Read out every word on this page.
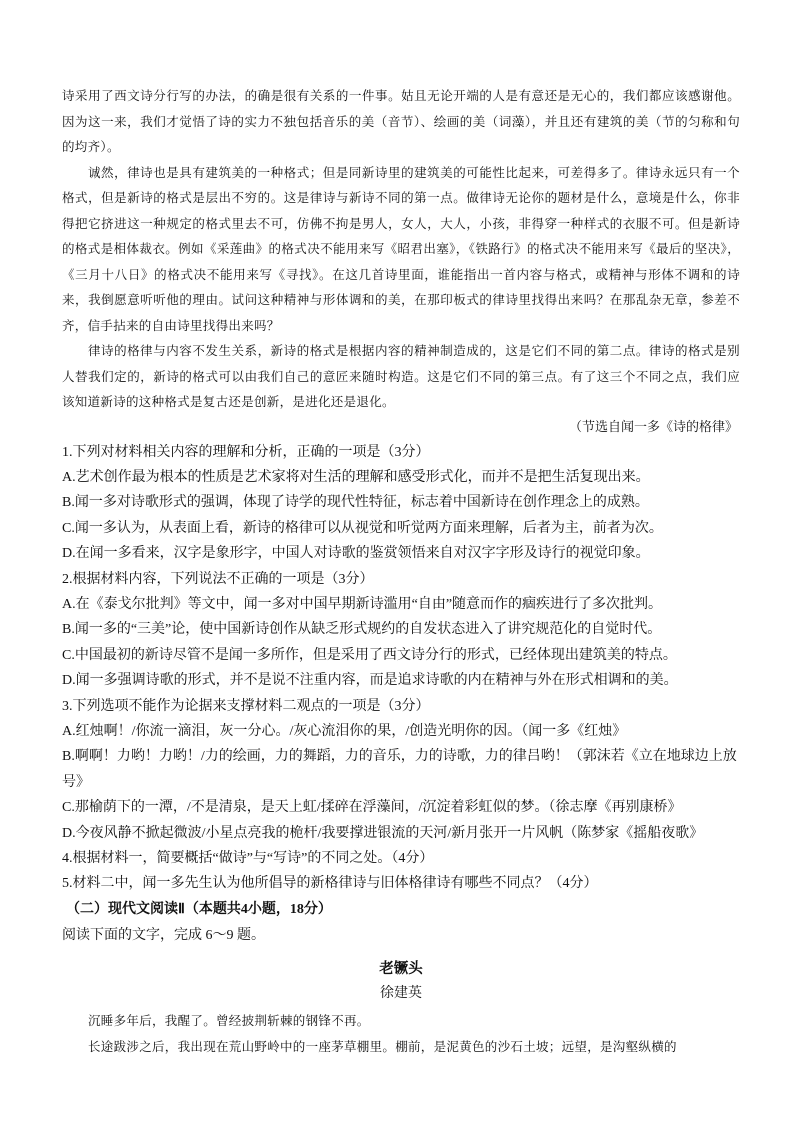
诗采用了西文诗分行写的办法，的确是很有关系的一件事。姑且无论开端的人是有意还是无心的，我们都应该感谢他。因为这一来，我们才觉悟了诗的实力不独包括音乐的美（音节）、绘画的美（词藻），并且还有建筑的美（节的匀称和句的均齐）。

诚然，律诗也是具有建筑美的一种格式；但是同新诗里的建筑美的可能性比起来，可差得多了。律诗永远只有一个格式，但是新诗的格式是层出不穷的。这是律诗与新诗不同的第一点。做律诗无论你的题材是什么，意境是什么，你非得把它挤进这一种规定的格式里去不可，仿佛不拘是男人，女人，大人，小孩，非得穿一种样式的衣服不可。但是新诗的格式是相体裁衣。例如《采莲曲》的格式决不能用来写《昭君出塞》，《铁路行》的格式决不能用来写《最后的坚决》，《三月十八日》的格式决不能用来写《寻找》。在这几首诗里面，谁能指出一首内容与格式，或精神与形体不调和的诗来，我倒愿意听听他的理由。试问这种精神与形体调和的美，在那印板式的律诗里找得出来吗？在那乱杂无章，参差不齐，信手拈来的自由诗里找得出来吗？

律诗的格律与内容不发生关系，新诗的格式是根据内容的精神制造成的，这是它们不同的第二点。律诗的格式是别人替我们定的，新诗的格式可以由我们自己的意匠来随时构造。这是它们不同的第三点。有了这三个不同之点，我们应该知道新诗的这种格式是复古还是创新，是进化还是退化。

（节选自闻一多《诗的格律》

1.下列对材料相关内容的理解和分析，正确的一项是（3分）

A.艺术创作最为根本的性质是艺术家将对生活的理解和感受形式化，而并不是把生活复现出来。

B.闻一多对诗歌形式的强调，体现了诗学的现代性特征，标志着中国新诗在创作理念上的成熟。

C.闻一多认为，从表面上看，新诗的格律可以从视觉和听觉两方面来理解，后者为主，前者为次。

D.在闻一多看来，汉字是象形字，中国人对诗歌的鉴赏领悟来自对汉字字形及诗行的视觉印象。

2.根据材料内容，下列说法不正确的一项是（3分）

A.在《泰戈尔批判》等文中，闻一多对中国早期新诗滥用“自由”随意而作的痼疾进行了多次批判。

B.闻一多的“三美”论，使中国新诗创作从缺乏形式规约的自发状态进入了讲究规范化的自觉时代。

C.中国最初的新诗尽管不是闻一多所作，但是采用了西文诗分行的形式，已经体现出建筑美的特点。

D.闻一多强调诗歌的形式，并不是说不注重内容，而是追求诗歌的内在精神与外在形式相调和的美。

3.下列选项不能作为论据来支撑材料二观点的一项是（3分）

A.红烛啊！/你流一滴泪，灰一分心。/灰心流泪你的果，/创造光明你的因。（闻一多《红烛》

B.啊啊！力哟！力哟！/力的绘画，力的舞蹈，力的音乐，力的诗歌，力的律吕哟！（郭沫若《立在地球边上放号》

C.那榆荫下的一潭，/不是清泉，是天上虹/揉碎在浮藻间，/沉淀着彩虹似的梦。（徐志摩《再别康桥》

D.今夜风静不掀起微波/小星点亮我的桅杆/我要撑进银流的天河/新月张开一片风帆（陈梦家《摇船夜歌》

4.根据材料一，简要概括“做诗”与“写诗”的不同之处。（4分）

5.材料二中，闻一多先生认为他所倡导的新格律诗与旧体格律诗有哪些不同点？（4分）

（二）现代文阅读Ⅱ（本题共4小题，18分）

阅读下面的文字，完成 6～9 题。

老镢头

徐建英

沉睡多年后，我醒了。曾经披荆斩棘的钢锋不再。

长途跋涉之后，我出现在荒山野岭中的一座茅草棚里。棚前，是泥黄色的沙石土坡；远望，是沟壑纵横的
